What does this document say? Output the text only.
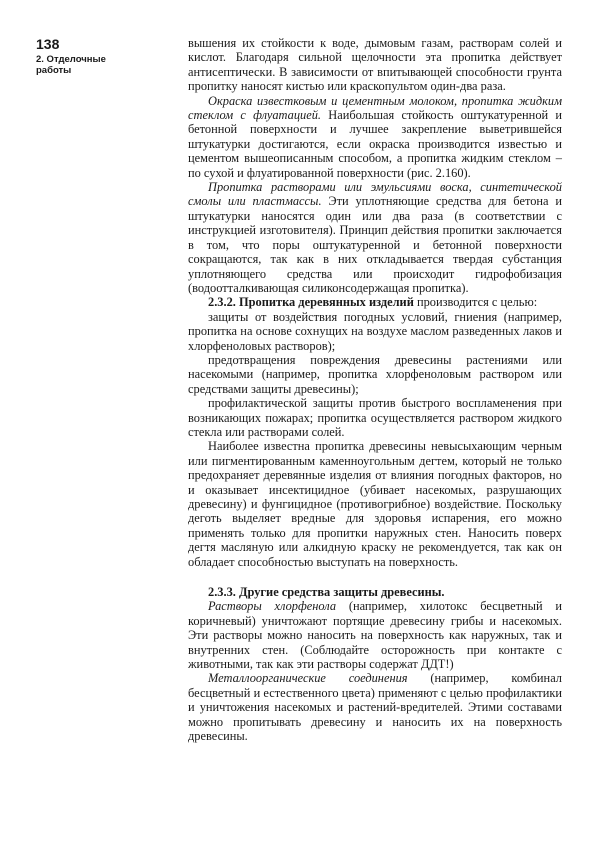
138
2. Отделочные
работы

вышения их стойкости к воде, дымовым газам, растворам солей и кислот. Благодаря сильной щелочности эта пропитка действует антисептически. В зависимости от впитывающей способности грунта пропитку наносят кистью или краскопультом один-два раза.

Окраска известковым и цементным молоком, пропитка жидким стеклом с флуатацией. Наибольшая стойкость оштукатуренной и бетонной поверхности и лучшее закрепление выветрившейся штукатурки достигаются, если окраска производится известью и цементом вышеописанным способом, а пропитка жидким стеклом – по сухой и флуатированной поверхности (рис. 2.160).

Пропитка растворами или эмульсиями воска, синтетической смолы или пластмассы. Эти уплотняющие средства для бетона и штукатурки наносятся один или два раза (в соответствии с инструкцией изготовителя). Принцип действия пропитки заключается в том, что поры оштукатуренной и бетонной поверхности сокращаются, так как в них откладывается твердая субстанция уплотняющего средства или происходит гидрофобизация (водоотталкивающая силиконсодержащая пропитка).

2.3.2. Пропитка деревянных изделий производится с целью:

защиты от воздействия погодных условий, гниения (например, пропитка на основе сохнущих на воздухе маслом разведенных лаков и хлорфеноловых растворов);

предотвращения повреждения древесины растениями или насекомыми (например, пропитка хлорфеноловым раствором или средствами защиты древесины);

профилактической защиты против быстрого воспламенения при возникающих пожарах; пропитка осуществляется раствором жидкого стекла или растворами солей.

Наиболее известна пропитка древесины невысыхающим черным или пигментированным каменноугольным дегтем, который не только предохраняет деревянные изделия от влияния погодных факторов, но и оказывает инсектицидное (убивает насекомых, разрушающих древесину) и фунгицидное (противогрибное) воздействие. Поскольку деготь выделяет вредные для здоровья испарения, его можно применять только для пропитки наружных стен. Наносить поверх дегтя масляную или алкидную краску не рекомендуется, так как он обладает способностью выступать на поверхность.

2.3.3. Другие средства защиты древесины.

Растворы хлорфенола (например, хилотокс бесцветный и коричневый) уничтожают портящие древесину грибы и насекомых. Эти растворы можно наносить на поверхность как наружных, так и внутренних стен. (Соблюдайте осторожность при контакте с животными, так как эти растворы содержат ДДТ!)

Металлоорганические соединения (например, комбинал бесцветный и естественного цвета) применяют с целью профилактики и уничтожения насекомых и растений-вредителей. Этими составами можно пропитывать древесину и наносить их на поверхность древесины.
